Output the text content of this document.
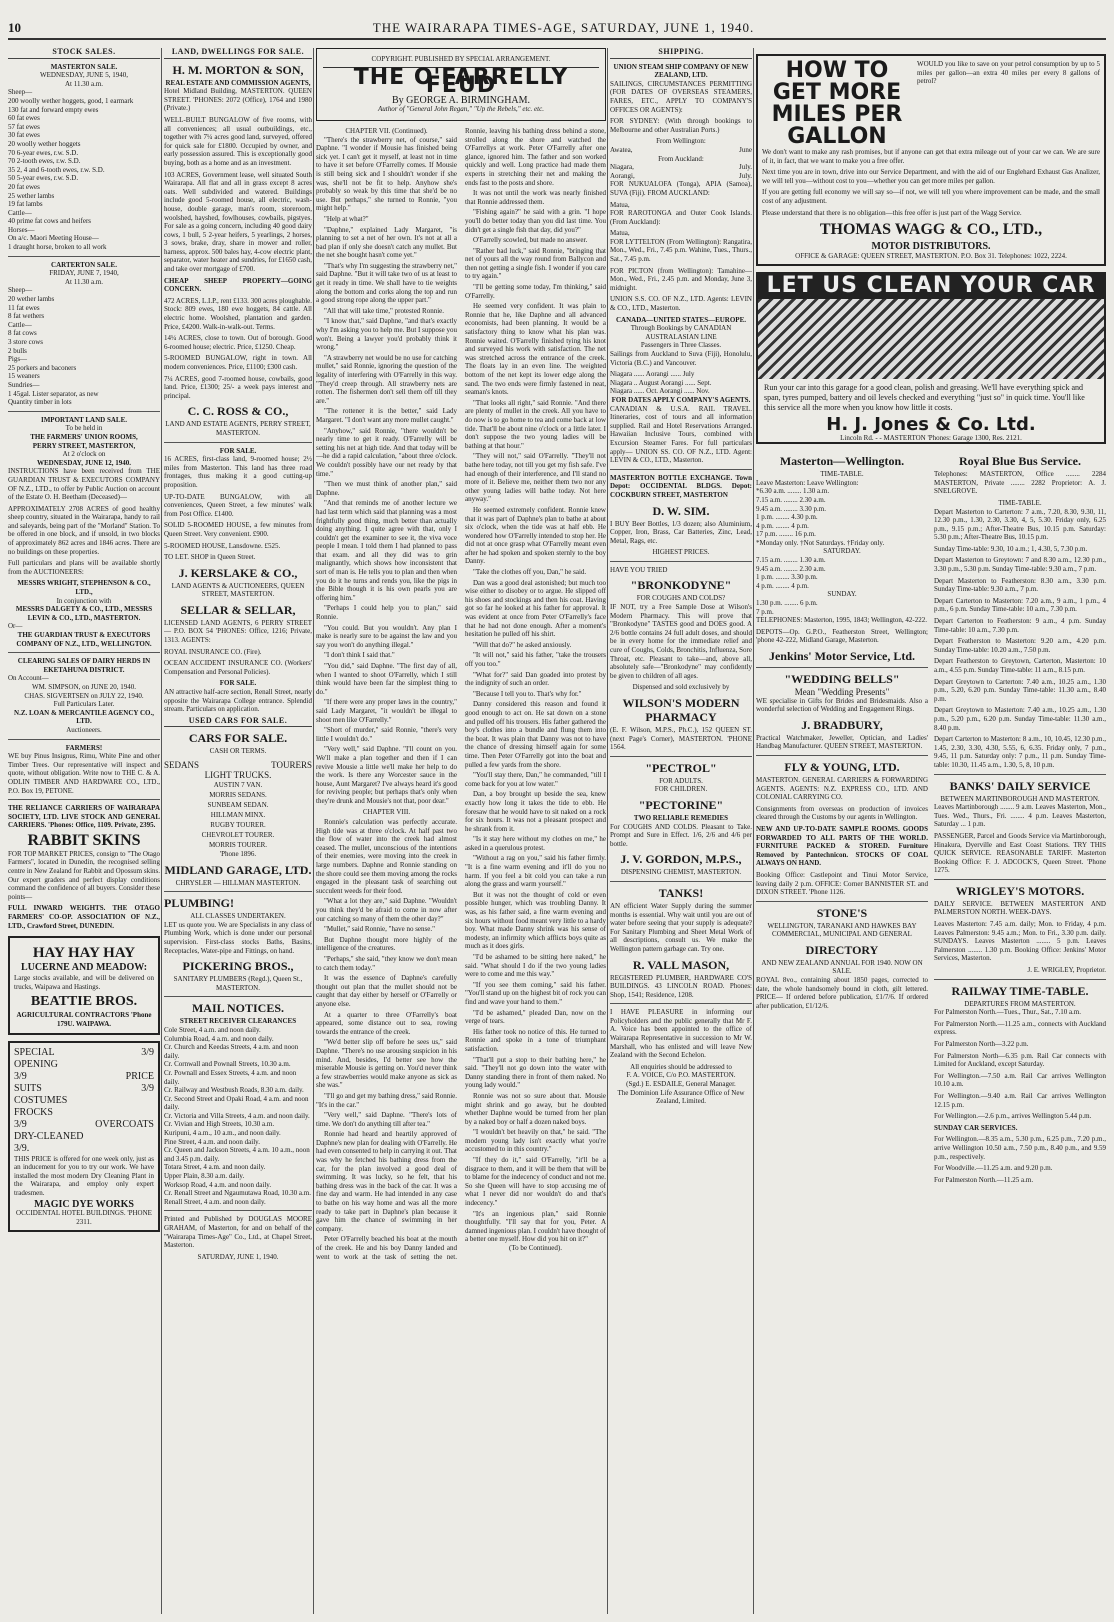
10	THE WAIRARAPA TIMES-AGE, SATURDAY, JUNE 1, 1940.
STOCK SALES.
MASTERTON SALE.
WEDNESDAY, JUNE 5, 1940,
At 11.30 a.m.
Sheep—
200 woolly wether hoggets, good, 1 earmark
130 fat and forward empty ewes
60 fat ewes
57 fat ewes
30 fat ewes
20 woolly wether hoggets
70 6-year ewes, r.w. S.D.
70 2-tooth ewes, r.w. S.D.
35 2, 4 and 6-tooth ewes, r.w. S.D.
50 5-year ewes, r.w. S.D.
20 fat ewes
25 wether lambs
19 fat lambs
Cattle—
40 prime fat cows and heifers
Horses—
On a/c. Maori Meeting House—
1 draught horse, broken to all work
CARTERTON SALE.
FRIDAY, JUNE 7, 1940,
At 11.30 a.m.
Sheep—
20 wether lambs
11 fat ewes
8 fat wethers
Cattle—
8 fat cows
3 store cows
2 bulls
Pigs—
25 porkers and baconers
15 weaners
Sundries—
1 45gal. Lister separator, as new
Quantity timber in lots
IMPORTANT LAND SALE.
To be held in
THE FARMERS' UNION ROOMS,
PERRY STREET, MASTERTON,
At 2 o'clock on
WEDNESDAY, JUNE 12, 1940.

INSTRUCTIONS have been received from THE GUARDIAN TRUST & EXECUTORS COMPANY OF N.Z., LTD., to offer by Public Auction on account of the Estate O. H. Beetham (Deceased)—

APPROXIMATELY 2708 ACRES of good healthy sheep country, situated in the Wairarapa, handy to rail and saleyards, being part of the "Morland" Station. To be offered in one block, and if unsold, in two blocks of approximately 862 acres and 1846 acres. There are no buildings on these properties.

Full particulars and plans will be available shortly from the AUCTIONEERS:

MESSRS WRIGHT, STEPHENSON & CO., LTD.,
In conjunction with
MESSRS DALGETY & CO., LTD., MESSRS LEVIN & CO., LTD., MASTERTON.
Or—
THE GUARDIAN TRUST & EXECUTORS COMPANY OF N.Z., LTD., WELLINGTON.
CLEARING SALES OF DAIRY HERDS IN EKETAHUNA DISTRICT.
On Account—
WM. SIMPSON, on JUNE 20, 1940.
CHAS. SIGVERTSEN on JULY 22, 1940.
Full Particulars Later.
N.Z. LOAN & MERCANTILE AGENCY CO., LTD.
Auctioneers.
FARMERS!

WE buy Pinus Insignus, Rimu, White Pine and other Timber Trees. Our representative will inspect and quote, without obligation. Write now to THE C. & A. ODLIN TIMBER AND HARDWARE CO., LTD., P.O. Box 19, PETONE.

THE RELIANCE CARRIERS OF WAIRARAPA SOCIETY, LTD. LIVE STOCK AND GENERAL CARRIERS. 'Phones: Office, 1109. Private, 2395.

RABBIT SKINS

FOR TOP MARKET PRICES, consign to "The Otago Farmers", located in Dunedin, the recognised selling centre in New Zealand for Rabbit and Opossum skins. Our expert graders and perfect display conditions command the confidence of all buyers. Consider these points—

FULL INWARD WEIGHTS. THE OTAGO FARMERS' CO-OP. ASSOCIATION OF N.Z., LTD., Crawford Street, DUNEDIN.

HAY HAY HAY
LUCERNE AND MEADOW:

Large stocks available, and will be delivered on trucks, Waipawa and Hastings.

BEATTIE BROS.
AGRICULTURAL CONTRACTORS 'Phone 179U. WAIPAWA.
SPECIAL	3/9
OPENING
3/9	PRICE
SUITS	3/9
COSTUMES
FROCKS
3/9	OVERCOATS
DRY-CLEANED
3/9.

THIS PRICE is offered for one week only, just as an inducement for you to try our work. We have installed the most modern Dry Cleaning Plant in the Wairarapa, and employ only expert tradesmen.

MAGIC DYE WORKS
OCCIDENTAL HOTEL BUILDINGS. 'PHONE 2311.
LAND, DWELLINGS FOR SALE.
H. M. MORTON & SON,
REAL ESTATE AND COMMISSION AGENTS,

Hotel Midland Building, MASTERTON. QUEEN STREET. 'PHONES: 2072 (Office), 1764 and 1980 (Private.)

WELL-BUILT BUNGALOW of five rooms, with all conveniences; all usual outbuildings, etc., together with 7¼ acres good land, surveyed, offered for quick sale for £1800. Occupied by owner, and early possession assured. This is exceptionally good buying, both as a home and as an investment.

103 ACRES, Government lease, well situated South Wairarapa. All flat and all in grass except 8 acres oats. Well subdivided and watered. Buildings include good 5-roomed house, all electric, wash-house, double garage, man's room, storeroom, woolshed, hayshed, fowlhouses, cowbails, pigstyes. For sale as a going concern, including 40 good dairy cows, 1 bull, 5 2-year heifers, 5 yearlings, 2 horses, 3 sows, brake, dray, share in mower and roller, harness, approx. 500 bales hay, 4-cow electric plant, separator, water heater and sundries, for £1650 cash, and take over mortgage of £700.

CHEAP SHEEP PROPERTY—GOING CONCERN.

472 ACRES, L.I.P., rent £133. 300 acres ploughable. Stock: 809 ewes, 180 ewe hoggets, 84 cattle. All electric home. Woolshed, plantation and garden. Price, £4200. Walk-in-walk-out. Terms.

14¼ ACRES, close to town. Out of borough. Good 6-roomed house; electric. Price, £1250. Cheap.

5-ROOMED BUNGALOW, right in town. All modern conveniences. Price, £1100; £300 cash.

7¼ ACRES, good 7-roomed house, cowbails, good land. Price, £1300; 25/- a week pays interest and principal.

C. C. ROSS & CO.,
LAND AND ESTATE AGENTS, PERRY STREET, MASTERTON.
FOR SALE.

16 ACRES, first-class land, 9-roomed house; 2½ miles from Masterton. This land has three road frontages, thus making it a good cutting-up proposition.

UP-TO-DATE BUNGALOW, with all conveniences, Queen Street, a few minutes' walk from Post Office. £1400.

SOLID 5-ROOMED HOUSE, a few minutes from Queen Street. Very convenient. £900.

5-ROOMED HOUSE, Lansdowne. £525.

TO LET. SHOP in Queen Street.

J. KERSLAKE & CO.,
LAND AGENTS & AUCTIONEERS, QUEEN STREET, MASTERTON.
SELLAR & SELLAR,

LICENSED LAND AGENTS, 6 PERRY STREET — P.O. BOX 54 'PHONES: Office, 1216; Private, 1313. AGENTS:

ROYAL INSURANCE CO. (Fire).

OCEAN ACCIDENT INSURANCE CO. (Workers' Compensation and Personal Policies).

FOR SALE.

AN attractive half-acre section, Renall Street, nearly opposite the Wairarapa College entrance. Splendid stream. Particulars on application.

USED CARS FOR SALE.
CARS FOR SALE.
CASH OR TERMS.
SEDANS	TOURERS
LIGHT TRUCKS.
AUSTIN 7 VAN.
MORRIS SEDANS.
SUNBEAM SEDAN.
HILLMAN MINX.
RUGBY TOURER.
CHEVROLET TOURER.
MORRIS TOURER.
'Phone 1896.
MIDLAND GARAGE, LTD.
CHRYSLER — HILLMAN MASTERTON.
PLUMBING!
ALL CLASSES UNDERTAKEN.

LET us quote you. We are Specialists in any class of Plumbing Work, which is done under our personal supervision. First-class stocks Baths, Basins, Receptacles, Water-pipe and Fittings, on hand.

PICKERING BROS.,
SANITARY PLUMBERS (Regd.), Queen St., MASTERTON.
MAIL NOTICES.
STREET RECEIVER CLEARANCES
Cole Street, 4 a.m. and noon daily.
Columbia Road, 4 a.m. and noon daily.
Cr. Church and Keedas Streets, 4 a.m. and noon daily.
Cr. Cornwall and Pownall Streets, 10.30 a.m.
Cr. Pownall and Essex Streets, 4 a.m. and noon daily.
Cr. Railway and Westbush Roads, 8.30 a.m. daily.
Cr. Second Street and Opaki Road, 4 a.m. and noon daily.
Cr. Victoria and Villa Streets, 4 a.m. and noon daily.
Cr. Vivian and High Streets, 10.30 a.m.
Kuripuni, 4 a.m., 10 a.m., and noon daily.
Pine Street, 4 a.m. and noon daily.
Cr. Queen and Jackson Streets, 4 a.m. 10 a.m., noon and 3.45 p.m. daily.
Totara Street, 4 a.m. and noon daily.
Upper Plain, 8.30 a.m. daily.
Worksop Road, 4 a.m. and noon daily.
Cr. Renall Street and Ngaumutawa Road, 10.30 a.m.
Renall Street, 4 a.m. and noon daily.

Printed and Published by DOUGLAS MOORE GRAHAM, of Masterton, for and on behalf of the "Wairarapa Times-Age" Co., Ltd., at Chapel Street, Masterton.

SATURDAY, JUNE 1, 1940.
COPYRIGHT. PUBLISHED BY SPECIAL ARRANGEMENT.
THE O'FARRELLY FEUD
By GEORGE A. BIRMINGHAM.
Author of "General John Regan," "Up the Rebels," etc. etc.
CHAPTER VII. (Continued).

"There's the strawberry net, of course," said Daphne. "I wonder if Mousie has finished being sick yet. I can't get it myself, at least not in time to have it set before O'Farrelly comes. If Mousie is still being sick and I shouldn't wonder if she was, she'll not be fit to help. Anyhow she's probably so weak by this time that she'd be no use. But perhaps," she turned to Ronnie, "you might help."

"Help at what?"

"Daphne," explained Lady Margaret, "is planning to set a net of her own. It's not at all a bad plan if only she doesn't catch any mullet. But the net she bought hasn't come yet."

"That's why I'm suggesting the strawberry net," said Daphne. "But it will take two of us at least to get it ready in time. We shall have to tie weights along the bottom and corks along the top and run a good strong rope along the upper part."

"All that will take time," protested Ronnie.

"I know that," said Daphne, "and that's exactly why I'm asking you to help me. But I suppose you won't. Being a lawyer you'd probably think it wrong."

"A strawberry net would be no use for catching mullet," said Ronnie, ignoring the question of the legality of interfering with O'Farrelly in this way. "They'd creep through. All strawberry nets are rotten. The fishermen don't sell them off till they are."

"The rottener it is the better," said Lady Margaret. "I don't want any more mullet caught."

"Anyhow," said Ronnie, "there wouldn't be nearly time to get it ready. O'Farrelly will be setting his net at high tide. And that today will be—he did a rapid calculation, "about three o'clock. We couldn't possibly have our net ready by that time."

"Then we must think of another plan," said Daphne.

"And that reminds me of another lecture we had last term which said that planning was a most frightfully good thing, much better than actually doing anything. I quite agree with that, only I couldn't get the examiner to see it, the viva voce people I mean. I told them I had planned to pass that exam. and all they did was to grin malignantly, which shows how inconsistent that sort of man is. He tells you to plan and then when you do it he turns and rends you, like the pigs in the Bible though it is his own pearls you are offering him."

"Perhaps I could help you to plan," said Ronnie.

"You could. But you wouldn't. Any plan I make is nearly sure to be against the law and you say you won't do anything illegal."

"I don't think I said that."

"You did," said Daphne. "The first day of all, when I wanted to shoot O'Farrelly, which I still think would have been far the simplest thing to do."

"If there were any proper laws in the country," said Lady Margaret, "it wouldn't be illegal to shoot men like O'Farrelly."

"Short of murder," said Ronnie, "there's very little I wouldn't do."

"Very well," said Daphne. "I'll count on you. We'll make a plan together and then if I can revive Mousie a little we'll make her help to do the work. Is there any Worcester sauce in the house, Aunt Margaret? I've always heard it's good for reviving people; but perhaps that's only when they're drunk and Mousie's not that, poor dear."

CHAPTER VIII.

Ronnie's calculation was perfectly accurate. High tide was at three o'clock. At half past two the flow of water into the creek had almost ceased. The mullet, unconscious of the intentions of their enemies, were moving into the creek in large numbers. Daphne and Ronnie standing on the shore could see them moving among the rocks engaged in the pleasant task of searching out succulent weeds for their food.

"What a lot they are," said Daphne. "Wouldn't you think they'd be afraid to come in now after our catching so many of them the other day?"

"Mullet," said Ronnie, "have no sense."

But Daphne thought more highly of the intelligence of the creatures.

"Perhaps," she said, "they know we don't mean to catch them today."

It was the essence of Daphne's carefully thought out plan that the mullet should not be caught that day either by herself or O'Farrelly or anyone else.

At a quarter to three O'Farrelly's boat appeared, some distance out to sea, rowing towards the entrance of the creek.

"We'd better slip off before he sees us," said Daphne. "There's no use arousing suspicion in his mind. And, besides, I'd better see how the miserable Mousie is getting on. You'd never think a few strawberries would make anyone as sick as she was."

"I'll go and get my bathing dress," said Ronnie. "It's in the car."

"Very well," said Daphne. "There's lots of time. We don't do anything till after tea."

Ronnie had heard and heartily approved of Daphne's new plan for dealing with O'Farrelly. He had even consented to help in carrying it out. That was why he fetched his bathing dress from the car, for the plan involved a good deal of swimming. It was lucky, so he felt, that his bathing dress was in the back of the car. It was a fine day and warm. He had intended in any case to bathe on his way home and was all the more ready to take part in Daphne's plan because it gave him the chance of swimming in her company.

Peter O'Farrelly beached his boat at the mouth of the creek. He and his boy Danny landed and went to work at the task of setting the net. Ronnie, leaving his bathing dress behind a stone, strolled along the shore and watched the O'Farrellys at work. Peter O'Farrelly after one glance, ignored him. The father and son worked quickly and well. Long practice had made them experts in stretching their net and making the ends fast to the posts and shore.

It was not until the work was nearly finished that Ronnie addressed them.

"Fishing again?" he said with a grin. "I hope you'll do better today than you did last time. You didn't get a single fish that day, did you?"

O'Farrelly scowled, but made no answer.

"Rather bad luck," said Ronnie, "bringing that net of yours all the way round from Ballycon and then not getting a single fish. I wonder if you care to try again."

"I'll be getting some today, I'm thinking," said O'Farrelly.

He seemed very confident. It was plain to Ronnie that he, like Daphne and all advanced economists, had been planning. It would be a satisfactory thing to know what his plan was. Ronnie waited. O'Farrelly finished tying his knot and surveyed his work with satisfaction. The net was stretched across the entrance of the creek. The floats lay in an even line. The weighted bottom of the net kept its lower edge along the sand. The two ends were firmly fastened in neat, seaman's knots.

"That looks all right," said Ronnie. "And there are plenty of mullet in the creek. All you have to do now is to go home to tea and come back at low tide. That'll be about nine o'clock or a little later. I don't suppose the two young ladies will be bathing at that hour."

"They will not," said O'Farrelly. "They'll not bathe here today, not till you get my fish safe. I've had enough of their interference, and I'll stand no more of it. Believe me, neither them two nor any other young ladies will bathe today. Not here anyway."

He seemed extremely confident. Ronnie knew that it was part of Daphne's plan to bathe at about six o'clock, when the tide was at half ebb. He wondered how O'Farrelly intended to stop her. He did not at once grasp what O'Farrelly meant even after he had spoken and spoken sternly to the boy Danny.

"Take the clothes off you, Dan," he said.

Dan was a good deal astonished; but much too wise either to disobey or to argue. He slipped off his shoes and stockings and then his coat. Having got so far he looked at his father for approval. It was evident at once from Peter O'Farrelly's face that he had not done enough. After a moment's hesitation he pulled off his shirt.

"Will that do?" he asked anxiously.

"It will not," said his father, "take the trousers off you too."

"What for?" said Dan goaded into protest by the indignity of such an order.

"Because I tell you to. That's why for."

Danny considered this reason and found it good enough to act on. He sat down on a stone and pulled off his trousers. His father gathered the boy's clothes into a bundle and flung them into the boat. It was plain that Danny was not to have the chance of dressing himself again for some time. Then Peter O'Farrelly got into the boat and pulled a few yards from the shore.

"You'll stay there, Dan," he commanded, "till I come back for you at low water."

Dan, a boy brought up beside the sea, knew exactly how long it takes the tide to ebb. He foresaw that he would have to sit naked on a rock for six hours. It was not a pleasant prospect and he shrank from it.

"Is it stay here without my clothes on me," he asked in a querulous protest.

"Without a rag on you," said his father firmly. "It is a fine warm evening and it'll do you no harm. If you feel a bit cold you can take a run along the grass and warm yourself."

But it was not the thought of cold or even possible hunger, which was troubling Danny. It was, as his father said, a fine warm evening and six hours without food meant very little to a hardy boy. What made Danny shrink was his sense of modesty, an infirmity which afflicts boys quite as much as it does girls.

"I'd be ashamed to be sitting here naked," he said. "What should I do if the two young ladies were to come and me this way."

"If you see them coming," said his father. "You'll stand up on the highest bit of rock you can find and wave your hand to them."

"I'd be ashamed," pleaded Dan, now on the verge of tears.

His father took no notice of this. He turned to Ronnie and spoke in a tone of triumphant satisfaction.

"That'll put a stop to their bathing here," he said. "They'll not go down into the water with Danny standing there in front of them naked. No young lady would."

Ronnie was not so sure about that. Mousie might shrink and go away, but he doubted whether Daphne would be turned from her plan by a naked boy or half a dozen naked boys.

"I wouldn't bet heavily on that," he said. "The modern young lady isn't exactly what you're accustomed to in this country."

"If they do it," said O'Farrelly, "it'll be a disgrace to them, and it will be them that will be to blame for the indecency of conduct and not me. So she Queen will have to stop accusing me of what I never did nor wouldn't do and that's indecency."

"It's an ingenious plan," said Ronnie thoughtfully. "I'll say that for you, Peter. A damned ingenious plan. I couldn't have thought of a better one myself. How did you hit on it?"

(To be Continued).
SHIPPING.
UNION STEAM SHIP COMPANY OF NEW ZEALAND, LTD.

SAILINGS, CIRCUMSTANCES PERMITTING (FOR DATES OF OVERSEAS STEAMERS, FARES, ETC., APPLY TO COMPANY'S OFFICES OR AGENTS):

FOR SYDNEY: (With through bookings to Melbourne and other Australian Ports.)

From Wellington:
Awatea,	June
From Auckland:
Niagara,	July.
Aorangi,	July.

FOR NUKUALOFA (Tonga), APIA (Samoa), SUVA (Fiji). FROM AUCKLAND:

Matua,

FOR RAROTONGA and Outer Cook Islands. (From Auckland):

Matua,

FOR LYTTELTON (From Wellington): Rangatira, Mon., Wed., Fri., 7.45 p.m. Wahine, Tues., Thurs., Sat., 7.45 p.m.

FOR PICTON (from Wellington): Tamahine—Mon., Wed., Fri., 2.45 p.m. and Monday, June 3, midnight.

UNION S.S. CO. OF N.Z., LTD. Agents: LEVIN & CO., LTD., Masterton.

CANADA—UNITED STATES—EUROPE.
Through Bookings by CANADIAN AUSTRALASIAN LINE
Passengers in Three Classes.

Sailings from Auckland to Suva (Fiji), Honolulu, Victoria (B.C.) and Vancouver.

Niagara ...... Aorangi ...... July
Niagara .. August Aorangi ...... Sept.
Niagara ...... Oct. Aorangi ...... Nov.
FOR DATES APPLY COMPANY'S AGENTS.

CANADIAN & U.S.A. RAIL TRAVEL. Itineraries, cost of tours and all information supplied. Rail and Hotel Reservations Arranged. Hawaiian Inclusive Tours, combined with Excursion Steamer Fares. For full particulars apply— UNION SS. CO. OF N.Z., LTD. Agent: LEVIN & CO., LTD., Masterton.

MASTERTON BOTTLE EXCHANGE. Town Depot: OCCIDENTAL BLDGS. Depot: COCKBURN STREET, MASTERTON

D. W. SIM.

I BUY Beer Bottles, 1/3 dozen; also Aluminium, Copper, Iron, Brass, Car Batteries, Zinc, Lead, Metal, Rags, etc.

HIGHEST PRICES.
HAVE YOU TRIED
"BRONKODYNE"
FOR COUGHS AND COLDS?

IF NOT, try a Free Sample Dose at Wilson's Modern Pharmacy. This will prove that "Bronkodyne" TASTES good and DOES good. A 2/6 bottle contains 24 full adult doses, and should be in every home for the immediate relief and cure of Coughs, Colds, Bronchitis, Influenza, Sore Throat, etc. Pleasant to take—and, above all, absolutely safe—"Bronkodyne" may confidently be given to children of all ages.

Dispensed and sold exclusively by
WILSON'S MODERN PHARMACY

(E. F. Wilson, M.P.S., Ph.C.), 152 QUEEN ST. (next Page's Corner), MASTERTON. 'PHONE 1564.

"PECTROL"
FOR ADULTS.
FOR CHILDREN.
"PECTORINE"
TWO RELIABLE REMEDIES

For COUGHS AND COLDS. Pleasant to Take. Prompt and Sure in Effect. 1/6, 2/6 and 4/6 per bottle.

J. V. GORDON, M.P.S.,
DISPENSING CHEMIST, MASTERTON.
TANKS!

AN efficient Water Supply during the summer months is essential. Why wait until you are out of water before seeing that your supply is adequate? For Sanitary Plumbing and Sheet Metal Work of all descriptions, consult us. We make the Wellington pattern garbage can. Try one.

R. VALL MASON,

REGISTERED PLUMBER, HARDWARE CO'S BUILDINGS. 43 LINCOLN ROAD. Phones: Shop, 1541; Residence, 1208.

I HAVE PLEASURE in informing our Policyholders and the public generally that Mr F. A. Voice has been appointed to the office of Wairarapa Representative in succession to Mr W. Marshall, who has enlisted and will leave New Zealand with the Second Echelon.

All enquiries should be addressed to
F. A. VOICE, C/o P.O. MASTERTON.
(Sgd.) E. ESDAILE, General Manager.
The Dominion Life Assurance Office of New Zealand, Limited.
HOW TO GET MORE MILES PER GALLON

WOULD you like to save on your petrol consumption by up to 5 miles per gallon—an extra 40 miles per every 8 gallons of petrol?

We don't want to make any rash promises, but if anyone can get that extra mileage out of your car we can. We are sure of it, in fact, that we want to make you a free offer.

Next time you are in town, drive into our Service Department, and with the aid of our Englehard Exhaust Gas Analizer, we will tell you—without cost to you—whether you can get more miles per gallon.

If you are getting full economy we will say so—if not, we will tell you where improvement can be made, and the small cost of any adjustment.

Please understand that there is no obligation—this free offer is just part of the Wagg Service.

THOMAS WAGG & CO., LTD.,
MOTOR DISTRIBUTORS.
OFFICE & GARAGE: QUEEN STREET, MASTERTON. P.O. Box 31. Telephones: 1022, 2224.
LET US CLEAN YOUR CAR
Run your car into this garage for a good clean, polish and greasing. We'll have everything spick and span, tyres pumped, battery and oil levels checked and everything "just so" in quick time. You'll like this service all the more when you know how little it costs.
H. J. Jones & Co. Ltd.
Lincoln Rd. - - MASTERTON 'Phones: Garage 1300, Res. 2121.
Masterton—Wellington.
TIME-TABLE.
Leave Masterton: Leave Wellington:
*6.30 a.m. ........ 1.30 a.m.
7.15 a.m. ........ 2.30 a.m.
9.45 a.m. ........ 3.30 p.m.
1 p.m. ........ 4.30 p.m.
4 p.m. ........ 4 p.m.
17 p.m. ........ 16 p.m.
*Monday only. †Not Saturdays. †Friday only.
SATURDAY.
7.15 a.m. ........ 1.30 a.m.
9.45 a.m. ........ 2.30 a.m.
1 p.m. ........ 3.30 p.m.
4 p.m. ........ 4 p.m.
SUNDAY.
1.30 p.m. ........ 6 p.m.
7 p.m.

TELEPHONES: Masterton, 1995, 1843; Wellington, 42-222.

DEPOTS—Op. G.P.O., Featherston Street, Wellington; 'phone 42-222, Midland Garage, Masterton.

Jenkins' Motor Service, Ltd.
"WEDDING BELLS"
Mean "Wedding Presents"

WE specialise in Gifts for Brides and Bridesmaids. Also a wonderful selection of Wedding and Engagement Rings.

J. BRADBURY,

Practical Watchmaker, Jeweller, Optician, and Ladies' Handbag Manufacturer. QUEEN STREET, MASTERTON.

FLY & YOUNG, LTD.

MASTERTON. GENERAL CARRIERS & FORWARDING AGENTS. AGENTS: N.Z. EXPRESS CO., LTD. AND COLONIAL CARRYING CO.

Consignments from overseas on production of invoices cleared through the Customs by our agents in Wellington.

NEW AND UP-TO-DATE SAMPLE ROOMS. GOODS FORWARDED TO ALL PARTS OF THE WORLD. FURNITURE PACKED & STORED. Furniture Removed by Pantechnicon. STOCKS OF COAL ALWAYS ON HAND.

Booking Office: Castlepoint and Tinui Motor Service, leaving daily 2 p.m. OFFICE: Corner BANNISTER ST. and DIXON STREET. 'Phone 1126.

STONE'S
WELLINGTON, TARANAKI AND HAWKES BAY COMMERCIAL, MUNICIPAL AND GENERAL
DIRECTORY
AND NEW ZEALAND ANNUAL FOR 1940. NOW ON SALE.

ROYAL 8vo., containing about 1850 pages, corrected to date, the whole handsomely bound in cloth, gilt lettered. PRICE— If ordered before publication, £1/7/6. If ordered after publication, £1/12/6.

Royal Blue Bus Service.

Telephones: MASTERTON, Office ........ 2284 MASTERTON, Private ........ 2282 Proprietor: A. J. SNELGROVE.

TIME-TABLE.

Depart Masterton to Carterton: 7 a.m., 7.20, 8.30, 9.30, 11, 12.30 p.m., 1.30, 2.30, 3.30, 4, 5, 5.30. Friday only, 6.25 p.m., 9.15 p.m.; After-Theatre Bus, 10.15 p.m. Saturday: 5.30 p.m.; After-Theatre Bus, 10.15 p.m.

Sunday Time-table: 9.30, 10 a.m.; 1, 4.30, 5, 7.30 p.m.

Depart Masterton to Greytown: 7 and 8.30 a.m., 12.30 p.m., 3.30 p.m., 5.30 p.m. Sunday Time-table: 9.30 a.m., 7 p.m.

Depart Masterton to Featherston: 8.30 a.m., 3.30 p.m. Sunday Time-table: 9.30 a.m., 7 p.m.

Depart Carterton to Masterton: 7.20 a.m., 9 a.m., 1 p.m., 4 p.m., 6 p.m. Sunday Time-table: 10 a.m., 7.30 p.m.

Depart Carterton to Featherston: 9 a.m., 4 p.m. Sunday Time-table: 10 a.m., 7.30 p.m.

Depart Featherston to Masterton: 9.20 a.m., 4.20 p.m. Sunday Time-table: 10.20 a.m., 7.50 p.m.

Depart Featherston to Greytown, Carterton, Masterton: 10 a.m., 4.55 p.m. Sunday Time-table: 11 a.m., 8.15 p.m.

Depart Greytown to Carterton: 7.40 a.m., 10.25 a.m., 1.30 p.m., 5.20, 6.20 p.m. Sunday Time-table: 11.30 a.m., 8.40 p.m.

Depart Greytown to Masterton: 7.40 a.m., 10.25 a.m., 1.30 p.m., 5.20 p.m., 6.20 p.m. Sunday Time-table: 11.30 a.m., 8.40 p.m.

Depart Carterton to Masterton: 8 a.m., 10, 10.45, 12.30 p.m., 1.45, 2.30, 3.30, 4.30, 5.55, 6, 6.35. Friday only, 7 p.m., 9.45, 11 p.m. Saturday only: 7 p.m., 11 p.m. Sunday Time-table: 10.30, 11.45 a.m., 1.30, 5, 8, 10 p.m.

BANKS' DAILY SERVICE
BETWEEN MARTINBOROUGH AND MASTERTON.

Leaves Martinborough ........ 9 a.m. Leaves Masterton, Mon., Tues. Wed., Thurs., Fri. ........ 4 p.m. Leaves Masterton, Saturday ... 1 p.m.

PASSENGER, Parcel and Goods Service via Martinborough, Hinakura, Dyerville and East Coast Stations. TRY THIS QUICK SERVICE. REASONABLE TARIFF. Masterton Booking Office: F. J. ADCOCK'S, Queen Street. 'Phone 1275.

WRIGLEY'S MOTORS.

DAILY SERVICE. BETWEEN MASTERTON AND PALMERSTON NORTH. WEEK-DAYS.

Leaves Masterton: 7.45 a.m. daily; Mon. to Friday, 4 p.m. Leaves Palmerston: 9.45 a.m.; Mon. to Fri., 3.30 p.m. daily. SUNDAYS. Leaves Masterton ........ 5 p.m. Leaves Palmerston ........ 1.30 p.m. Booking Office: Jenkins' Motor Services, Masterton.

J. E. WRIGLEY, Proprietor.
RAILWAY TIME-TABLE.
DEPARTURES FROM MASTERTON.

For Palmerston North.—Tues., Thur., Sat., 7.10 a.m.

For Palmerston North.—11.25 a.m., connects with Auckland express.

For Palmerston North—3.22 p.m.

For Palmerston North—6.35 p.m. Rail Car connects with Limited for Auckland, except Saturday.

For Wellington.—7.50 a.m. Rail Car arrives Wellington 10.10 a.m.

For Wellington.—9.40 a.m. Rail Car arrives Wellington 12.15 p.m.

For Wellington.—2.6 p.m., arrives Wellington 5.44 p.m.

SUNDAY CAR SERVICES.

For Wellington.—8.35 a.m., 5.30 p.m., 6.25 p.m., 7.20 p.m., arrive Wellington 10.50 a.m., 7.50 p.m., 8.40 p.m., and 9.59 p.m., respectively.

For Woodville.—11.25 a.m. and 9.20 p.m.

For Palmerston North.—11.25 a.m.
